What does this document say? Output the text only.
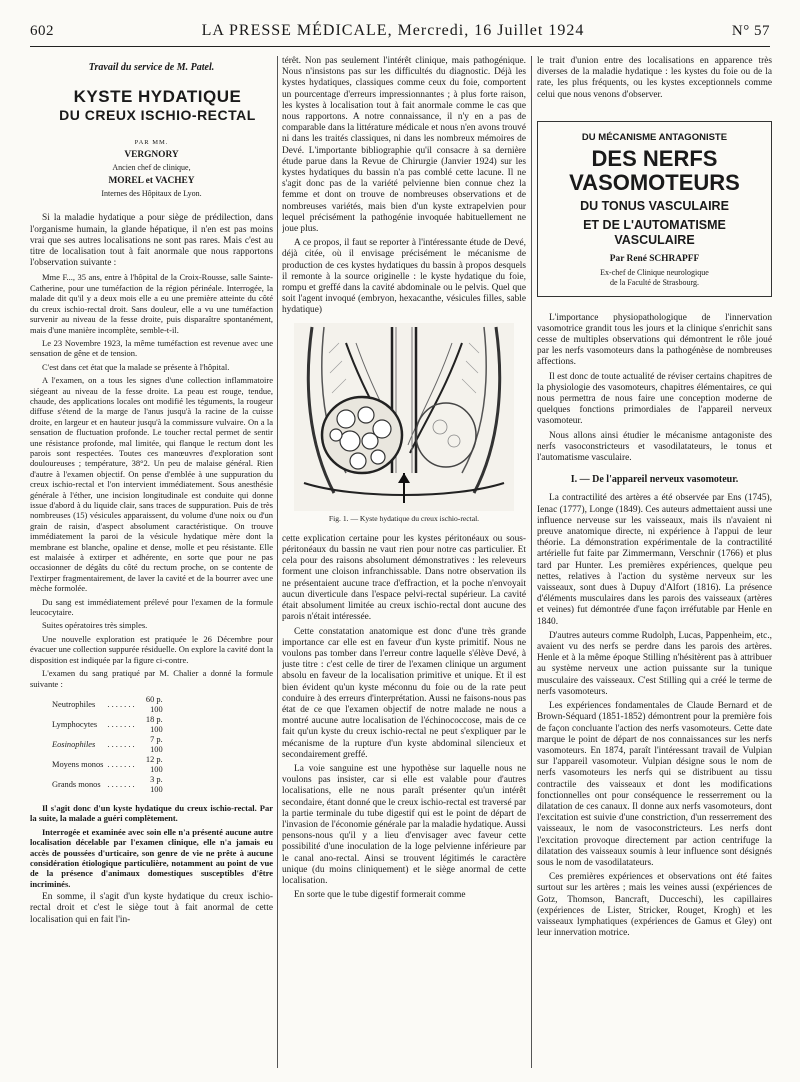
602	LA PRESSE MÉDICALE, Mercredi, 16 Juillet 1924	N° 57

Travail du service de M. Patel.

KYSTE HYDATIQUE

DU CREUX ISCHIO-RECTAL

PAR MM.

VERGNORY

Ancien chef de clinique,

MOREL et VACHEY

Internes des Hôpitaux de Lyon.

Si la maladie hydatique a pour siège de prédilection, dans l'organisme humain, la glande hépatique, il n'en est pas moins vrai que ses autres localisations ne sont pas rares. Mais c'est au titre de localisation tout à fait anormale que nous rapportons l'observation suivante :

Mme F..., 35 ans, entre à l'hôpital de la Croix-Rousse, salle Sainte-Catherine, pour une tuméfaction de la région périnéale. Interrogée, la malade dit qu'il y a deux mois elle a eu une première atteinte du côté du creux ischio-rectal droit. Sans douleur, elle a vu une tuméfaction survenir au niveau de la fesse droite, puis disparaître spontanément, mais d'une manière incomplète, semble-t-il.

Le 23 Novembre 1923, la même tuméfaction est revenue avec une sensation de gêne et de tension.

C'est dans cet état que la malade se présente à l'hôpital.

A l'examen, on a tous les signes d'une collection inflammatoire siégeant au niveau de la fesse droite. La peau est rouge, tendue, chaude, des applications locales ont modifié les téguments, la rougeur diffuse s'étend de la marge de l'anus jusqu'à la racine de la cuisse droite, en largeur et en hauteur jusqu'à la commissure vulvaire. On a la sensation de fluctuation profonde. Le toucher rectal permet de sentir une résistance profonde, mal limitée, qui flanque le rectum dont les parois sont respectées. Toutes ces manœuvres d'exploration sont douloureuses ; température, 38°2. Un peu de malaise général. Rien d'autre à l'examen objectif. On pense d'emblée à une suppuration du creux ischio-rectal et l'on intervient immédiatement. Sous anesthésie générale à l'éther, une incision longitudinale est conduite qui donne issue d'abord à du liquide clair, sans traces de suppuration. Puis de très nombreuses (15) vésicules apparaissent, du volume d'une noix ou d'un grain de raisin, d'aspect absolument caractéristique. On trouve immédiatement la paroi de la vésicule hydatique mère dont la membrane est blanche, opaline et dense, molle et peu résistante. Elle est malaisée à extirper et adhérente, en sorte que pour ne pas occasionner de dégâts du côté du rectum proche, on se contente de l'extirper fragmentairement, de laver la cavité et de la bourrer avec une mèche formolée.

Du sang est immédiatement prélevé pour l'examen de la formule leucocytaire.

Suites opératoires très simples.

Une nouvelle exploration est pratiquée le 26 Décembre pour évacuer une collection suppurée résiduelle. On explore la cavité dont la disposition est indiquée par la figure ci-contre.

L'examen du sang pratiqué par M. Chalier a donné la formule suivante :

Neutrophiles	. . . . . . .	60 p. 100
Lymphocytes	. . . . . . .	18 p. 100
Eosinophiles	. . . . . . .	7 p. 100
Moyens monos	. . . . . . .	12 p. 100
Grands monos	. . . . . . .	3 p. 100

Il s'agit donc d'un kyste hydatique du creux ischio-rectal. Par la suite, la malade a guéri complètement.

Interrogée et examinée avec soin elle n'a présenté aucune autre localisation décelable par l'examen clinique, elle n'a jamais eu accès de poussées d'urticaire, son genre de vie ne prête à aucune considération étiologique particulière, notamment au point de vue de la présence d'animaux domestiques susceptibles d'être incriminés.

En somme, il s'agit d'un kyste hydatique du creux ischio-rectal droit et c'est le siège tout à fait anormal de cette localisation qui en fait l'in-

térêt. Non pas seulement l'intérêt clinique, mais pathogénique. Nous n'insistons pas sur les difficultés du diagnostic. Déjà les kystes hydatiques, classiques comme ceux du foie, comportent un pourcentage d'erreurs impressionnantes ; à plus forte raison, les kystes à localisation tout à fait anormale comme le cas que nous rapportons. A notre connaissance, il n'y en a pas de comparable dans la littérature médicale et nous n'en avons trouvé ni dans les traités classiques, ni dans les nombreux mémoires de Devé. L'importante bibliographie qu'il consacre à sa dernière étude parue dans la Revue de Chirurgie (Janvier 1924) sur les kystes hydatiques du bassin n'a pas comblé cette lacune. Il ne s'agit donc pas de la variété pelvienne bien connue chez la femme et dont on trouve de nombreuses observations et de nombreuses variétés, mais bien d'un kyste extrapelvien pour lequel précisément la pathogénie invoquée habituellement ne joue plus.

A ce propos, il faut se reporter à l'intéressante étude de Devé, déjà citée, où il envisage précisément le mécanisme de production de ces kystes hydatiques du bassin à propos desquels il remonte à la source originelle : le kyste hydatique du foie, rompu et greffé dans la cavité abdominale ou le pelvis. Quel que soit l'agent invoqué (embryon, hexacanthe, vésicules filles, sable hydatique)

Fig. 1. — Kyste hydatique du creux ischio-rectal.

cette explication certaine pour les kystes péritonéaux ou sous-péritonéaux du bassin ne vaut rien pour notre cas particulier. Et cela pour des raisons absolument démonstratives : les releveurs forment une cloison infranchissable. Dans notre observation ils ne présentaient aucune trace d'effraction, et la poche n'envoyait aucun diverticule dans l'espace pelvi-rectal supérieur. La cavité était absolument limitée au creux ischio-rectal dont aucune des parois n'était intéressée.

Cette constatation anatomique est donc d'une très grande importance car elle est en faveur d'un kyste primitif. Nous ne voulons pas tomber dans l'erreur contre laquelle s'élève Devé, à juste titre : c'est celle de tirer de l'examen clinique un argument absolu en faveur de la localisation primitive et unique. Et il est bien évident qu'un kyste méconnu du foie ou de la rate peut conduire à des erreurs d'interprétation. Aussi ne faisons-nous pas état de ce que l'examen objectif de notre malade ne nous a montré aucune autre localisation de l'échinococcose, mais de ce fait qu'un kyste du creux ischio-rectal ne peut s'expliquer par le mécanisme de la rupture d'un kyste abdominal silencieux et secondairement greffé.

La voie sanguine est une hypothèse sur laquelle nous ne voulons pas insister, car si elle est valable pour d'autres localisations, elle ne nous paraît présenter qu'un intérêt secondaire, étant donné que le creux ischio-rectal est traversé par la partie terminale du tube digestif qui est le point de départ de l'invasion de l'économie générale par la maladie hydatique. Aussi pensons-nous qu'il y a lieu d'envisager avec faveur cette possibilité d'une inoculation de la loge pelvienne inférieure par le canal ano-rectal. Ainsi se trouvent légitimés le caractère unique (du moins cliniquement) et le siège anormal de cette localisation.

En sorte que le tube digestif formerait comme

le trait d'union entre des localisations en apparence très diverses de la maladie hydatique : les kystes du foie ou de la rate, les plus fréquents, ou les kystes exceptionnels comme celui que nous venons d'observer.

DU MÉCANISME ANTAGONISTE

DES NERFS VASOMOTEURS

DU TONUS VASCULAIRE

ET DE L'AUTOMATISME VASCULAIRE

Par René SCHRAPFF

Ex-chef de Clinique neurologique

de la Faculté de Strasbourg.

L'importance physiopathologique de l'innervation vasomotrice grandit tous les jours et la clinique s'enrichit sans cesse de multiples observations qui démontrent le rôle joué par les nerfs vasomoteurs dans la pathogénèse de nombreuses affections.

Il est donc de toute actualité de réviser certains chapitres de la physiologie des vasomoteurs, chapitres élémentaires, ce qui nous permettra de nous faire une conception moderne de quelques fonctions primordiales de l'appareil nerveux vasomoteur.

Nous allons ainsi étudier le mécanisme antagoniste des nerfs vasoconstricteurs et vasodilatateurs, le tonus et l'automatisme vasculaire.

I. — De l'appareil nerveux vasomoteur.

La contractilité des artères a été observée par Ens (1745), Ienac (1777), Longe (1849). Ces auteurs admettaient aussi une influence nerveuse sur les vaisseaux, mais ils n'avaient ni preuve anatomique directe, ni expérience à l'appui de leur théorie. La démonstration expérimentale de la contractilité artérielle fut faite par Zimmermann, Verschnir (1766) et plus tard par Hunter. Les premières expériences, quelque peu nettes, relatives à l'action du système nerveux sur les vaisseaux, sont dues à Dupuy d'Alfort (1816). La présence d'éléments musculaires dans les parois des vaisseaux (artères et veines) fut démontrée d'une façon irréfutable par Henle en 1840.

D'autres auteurs comme Rudolph, Lucas, Pappenheim, etc., avaient vu des nerfs se perdre dans les parois des artères. Henle et à la même époque Stilling n'hésitèrent pas à attribuer au système nerveux une action puissante sur la tunique musculaire des vaisseaux. C'est Stilling qui a créé le terme de nerfs vasomoteurs.

Les expériences fondamentales de Claude Bernard et de Brown-Séquard (1851-1852) démontrent pour la première fois de façon concluante l'action des nerfs vasomoteurs. Cette date marque le point de départ de nos connaissances sur les nerfs vasomoteurs. En 1874, paraît l'intéressant travail de Vulpian sur l'appareil vasomoteur. Vulpian désigne sous le nom de nerfs vasomoteurs les nerfs qui se distribuent au tissu contractile des vaisseaux et dont les modifications fonctionnelles ont pour conséquence le resserrement ou la dilatation de ces canaux. Il donne aux nerfs vasomoteurs, dont l'excitation est suivie d'une constriction, d'un resserrement des vaisseaux, le nom de vasoconstricteurs. Les nerfs dont l'excitation provoque directement par action centrifuge la dilatation des vaisseaux soumis à leur influence sont désignés sous le nom de vasodilatateurs.

Ces premières expériences et observations ont été faites surtout sur les artères ; mais les veines aussi (expériences de Gotz, Thomson, Bancraft, Ducceschi), les capillaires (expériences de Lister, Stricker, Rouget, Krogh) et les vaisseaux lymphatiques (expériences de Gamus et Gley) ont leur innervation motrice.
